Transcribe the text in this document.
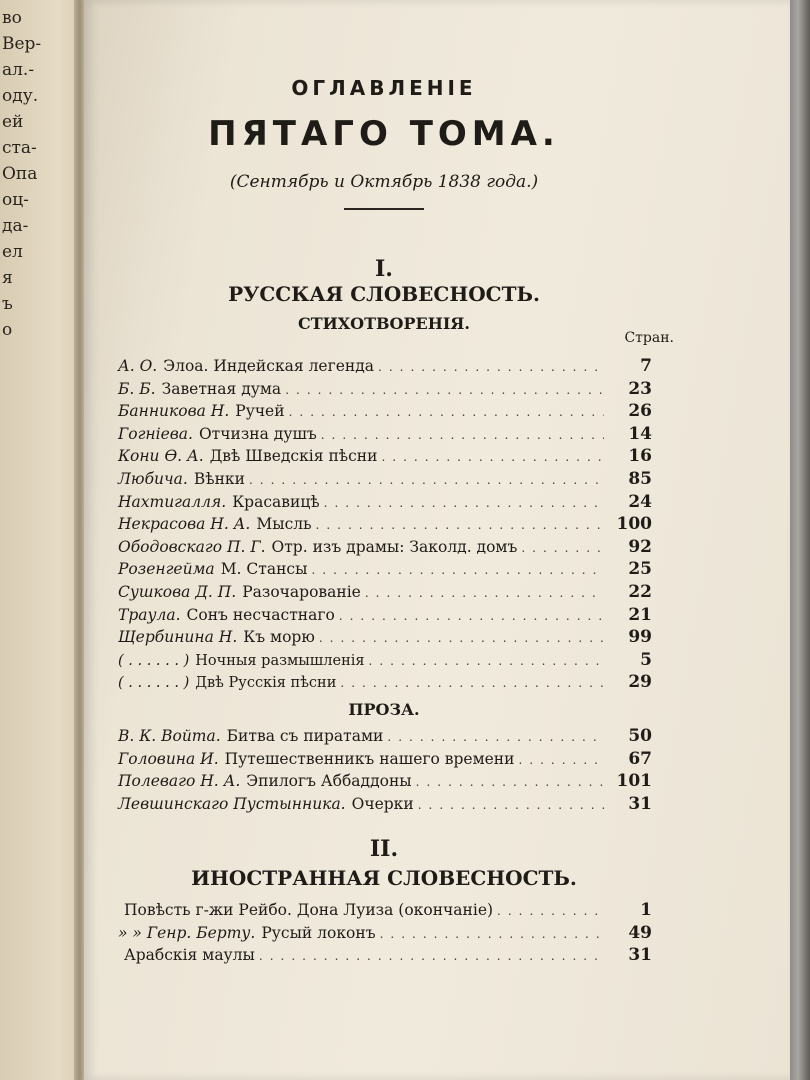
во
Вер-
ал.-
оду.
ей
ста-
Опа
оц-
да-
ел
я
ъ
о
ОГЛАВЛЕНІЕ
ПЯТАГО ТОМА.
(Сентябрь и Октябрь 1838 года.)
I.
РУССКАЯ СЛОВЕСНОСТЬ.
СТИХОТВОРЕНІЯ.
Стран.
А. О. Элоа. Индейская легенда .....	7
Б. Б. Заветная дума .....	23
Банникова Н. Ручей .....	26
Гогнiева. Отчизна душъ .....	14
Кони Ѳ. А. Двѣ Шведскiя пѣсни .....	16
Любича. Вѣнки .....	85
Нахтигалля. Красавицѣ .....	24
Некрасова Н. А. Мысль .....	100
Ободовскаго П. Г. Отр. изъ драмы: Заколд. домъ .....	92
Розенгейма М. Стансы .....	25
Сушкова Д. П. Разочарованiе .....	22
Траула. Сонъ несчастнаго .....	21
Щербинина Н. Къ морю .....	99
( . . . . . . ) Ночныя размышленiя .....	5
( . . . . . . ) Двѣ Русскiя пѣсни .....	29
ПРОЗА.
В. К. Войта. Битва съ пиратами .....	50
Головина И. Путешественникъ нашего времени .....	67
Полеваго Н. А. Эпилогъ Аббаддоны .....	101
Левшинскаго Пустынника. Очерки .....	31
II.
ИНОСТРАННАЯ СЛОВЕСНОСТЬ.
Повѣсть г-жи Рейбо. Дона Луиза (окончанiе) .....	1
» » Генр. Берту. Русый локонъ .....	49
Арабскiя маулы .....	31
